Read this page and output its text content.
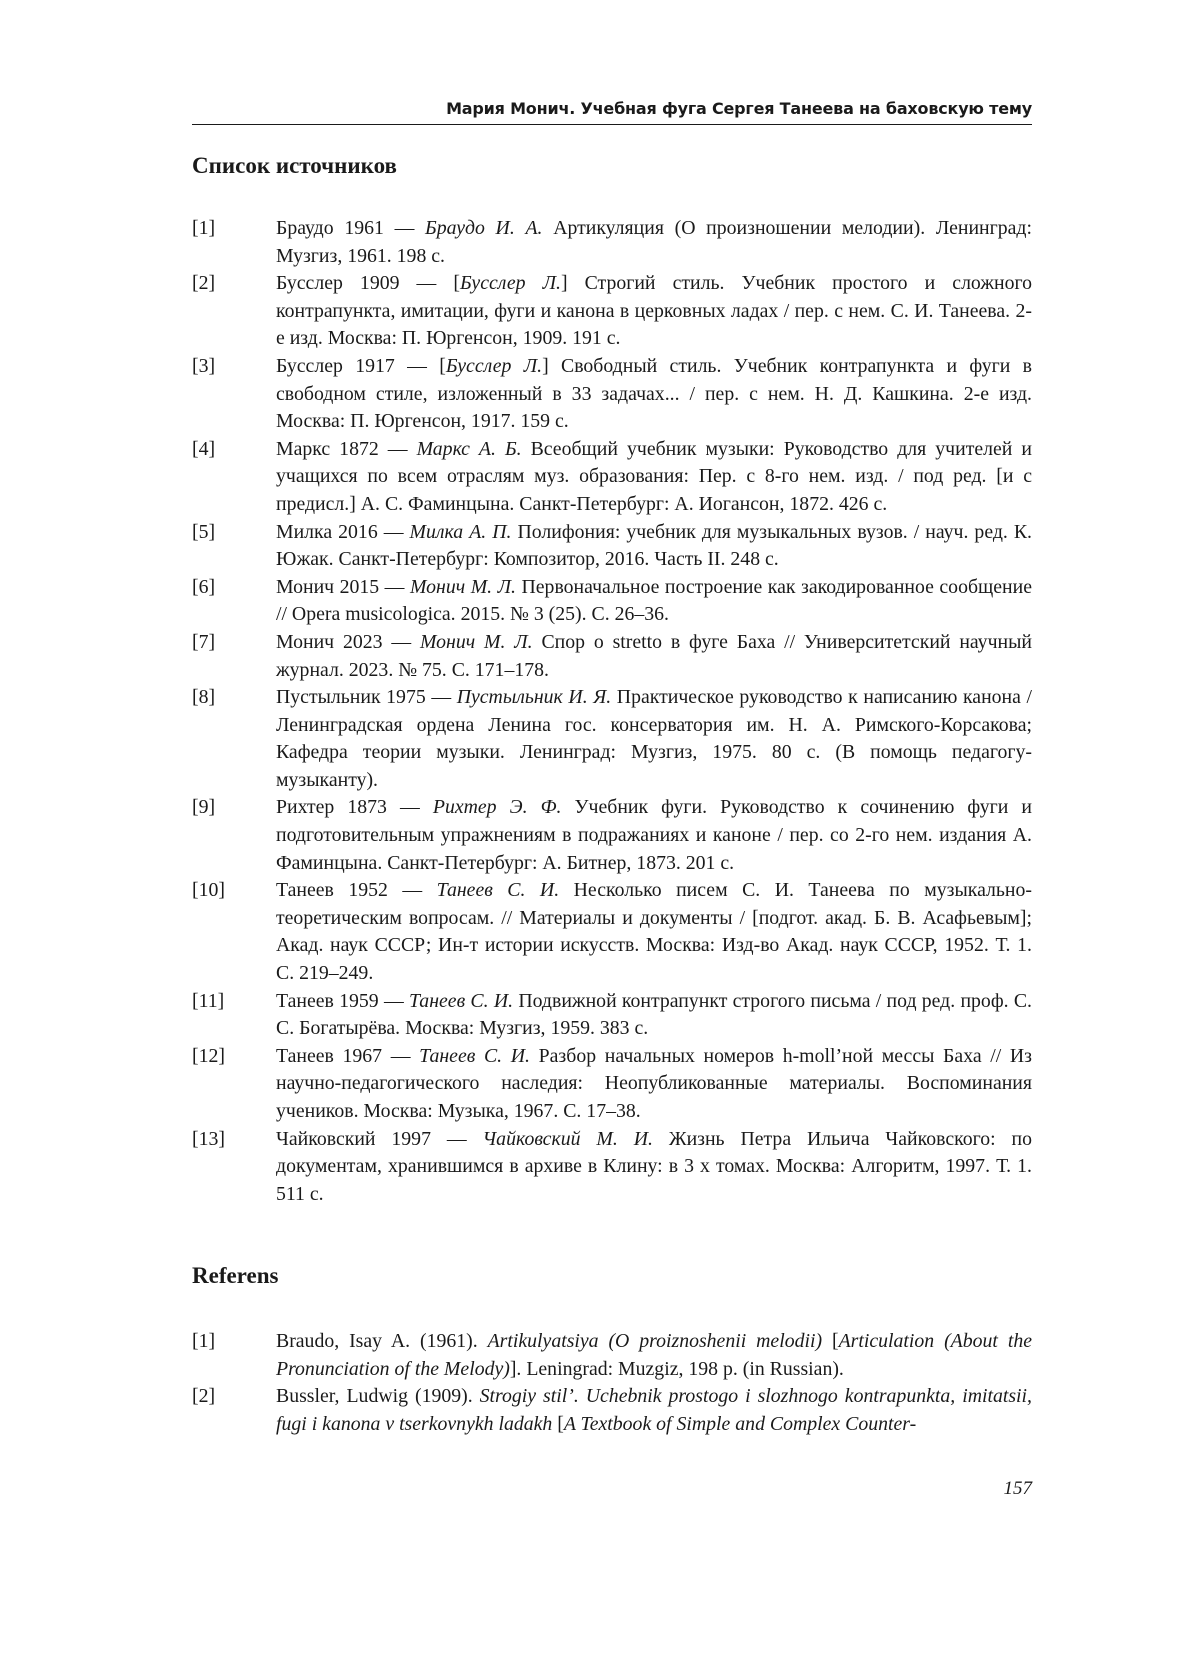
Мария Монич. Учебная фуга Сергея Танеева на баховскую тему
Список источников
[1]	Браудо 1961 — Браудо И. А. Артикуляция (О произношении мелодии). Ленинград: Музгиз, 1961. 198 с.
[2]	Бусслер 1909 — [Бусслер Л.] Строгий стиль. Учебник простого и сложного контрапункта, имитации, фуги и канона в церковных ладах / пер. с нем. С. И. Танеева. 2-е изд. Москва: П. Юргенсон, 1909. 191 с.
[3]	Бусслер 1917 — [Бусслер Л.] Свободный стиль. Учебник контрапункта и фуги в свободном стиле, изложенный в 33 задачах... / пер. с нем. Н. Д. Кашкина. 2-е изд. Москва: П. Юргенсон, 1917. 159 с.
[4]	Маркс 1872 — Маркс А. Б. Всеобщий учебник музыки: Руководство для учителей и учащихся по всем отраслям муз. образования: Пер. с 8-го нем. изд. / под ред. [и с предисл.] А. С. Фаминцына. Санкт-Петербург: А. Иогансон, 1872. 426 с.
[5]	Милка 2016 — Милка А. П. Полифония: учебник для музыкальных вузов. / науч. ред. К. Южак. Санкт-Петербург: Композитор, 2016. Часть II. 248 с.
[6]	Монич 2015 — Монич М. Л. Первоначальное построение как закодированное сообщение // Opera musicologica. 2015. № 3 (25). С. 26‒36.
[7]	Монич 2023 — Монич М. Л. Спор о stretto в фуге Баха // Университетский научный журнал. 2023. № 75. С. 171–178.
[8]	Пустыльник 1975 — Пустыльник И. Я. Практическое руководство к написанию канона / Ленинградская ордена Ленина гос. консерватория им. Н. А. Римского-Корсакова; Кафедра теории музыки. Ленинград: Музгиз, 1975. 80 с. (В помощь педагогу-музыканту).
[9]	Рихтер 1873 — Рихтер Э. Ф. Учебник фуги. Руководство к сочинению фуги и подготовительным упражнениям в подражаниях и каноне / пер. со 2-го нем. издания А. Фаминцына. Санкт-Петербург: А. Битнер, 1873. 201 с.
[10]	Танеев 1952 — Танеев С. И. Несколько писем С. И. Танеева по музыкально-теоретическим вопросам. // Материалы и документы / [подгот. акад. Б. В. Асафьевым]; Акад. наук СССР; Ин-т истории искусств. Москва: Изд-во Акад. наук СССР, 1952. Т. 1. С. 219–249.
[11]	Танеев 1959 — Танеев С. И. Подвижной контрапункт строгого письма / под ред. проф. С. С. Богатырёва. Москва: Музгиз, 1959. 383 с.
[12]	Танеев 1967 — Танеев С. И. Разбор начальных номеров h-moll’ной мессы Баха // Из научно-педагогического наследия: Неопубликованные материалы. Воспоминания учеников. Москва: Музыка, 1967. С. 17–38.
[13]	Чайковский 1997 — Чайковский М. И. Жизнь Петра Ильича Чайковского: по документам, хранившимся в архиве в Клину: в 3 х томах. Москва: Алгоритм, 1997. Т. 1. 511 с.
Referens
[1]	Braudo, Isay A. (1961). Artikulyatsiya (O proiznoshenii melodii) [Articulation (About the Pronunciation of the Melody)]. Leningrad: Muzgiz, 198 p. (in Russian).
[2]	Bussler, Ludwig (1909). Strogiy stil’. Uchebnik prostogo i slozhnogo kontrapunkta, imitatsii, fugi i kanona v tserkovnykh ladakh [A Textbook of Simple and Complex Counter-
157
